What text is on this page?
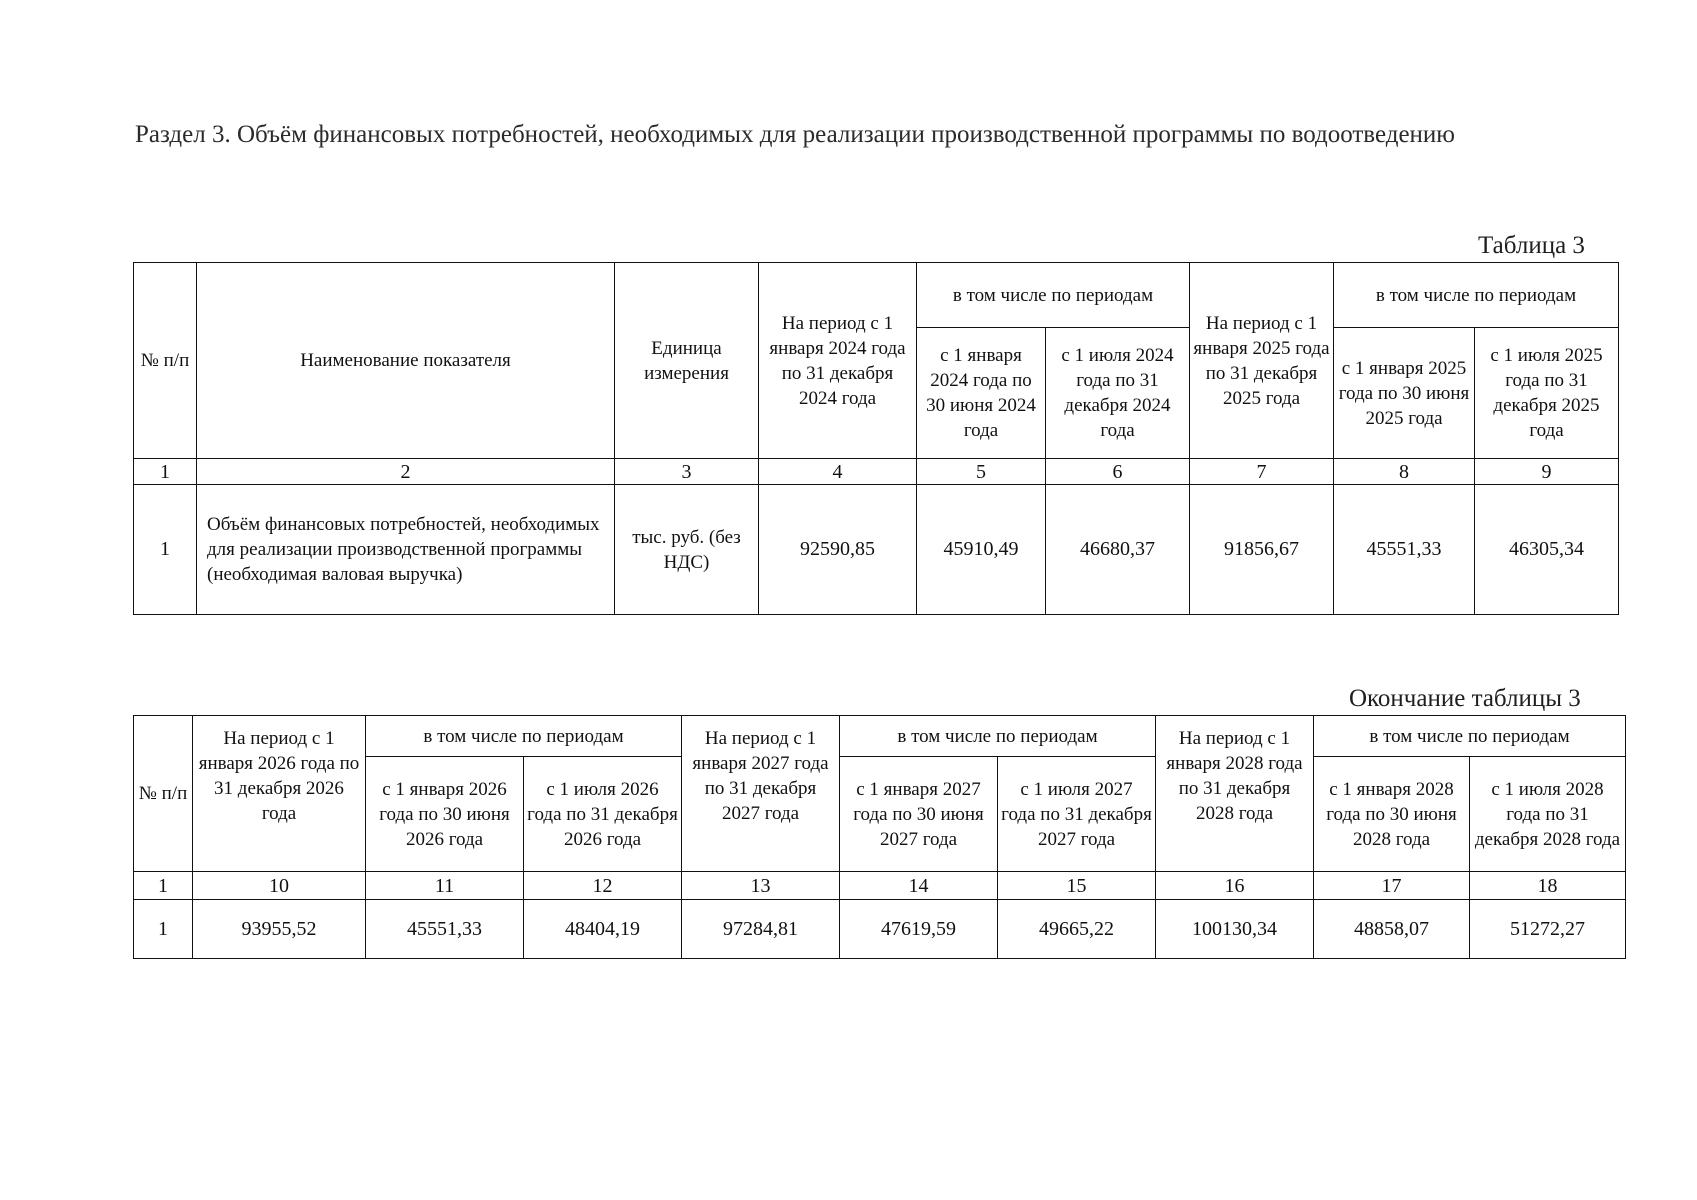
Раздел 3. Объём финансовых потребностей, необходимых для реализации производственной программы по водоотведению
Таблица 3
№ п/п	Наименование показателя	Единица измерения	На период с 1 января 2024 года по 31 декабря 2024 года	в том числе по периодам		На период с 1 января 2025 года по 31 декабря 2025 года	в том числе по периодам	
				с 1 января 2024 года по 30 июня 2024 года	с 1 июля 2024 года по 31 декабря 2024 года		с 1 января 2025 года по 30 июня 2025 года	с 1 июля 2025 года по 31 декабря 2025 года
1	2	3	4	5	6	7	8	9
1	Объём финансовых потребностей, необходимых для реализации производственной программы (необходимая валовая выручка)	тыс. руб. (без НДС)	92590,85	45910,49	46680,37	91856,67	45551,33	46305,34
Окончание таблицы 3
№ п/п	На период с 1 января 2026 года по 31 декабря 2026 года	в том числе по периодам		На период с 1 января 2027 года по 31 декабря 2027 года	в том числе по периодам		На период с 1 января 2028 года по 31 декабря 2028 года	в том числе по периодам	
		с 1 января 2026 года по 30 июня 2026 года	с 1 июля 2026 года по 31 декабря 2026 года		с 1 января 2027 года по 30 июня 2027 года	с 1 июля 2027 года по 31 декабря 2027 года		с 1 января 2028 года по 30 июня 2028 года	с 1 июля 2028 года по 31 декабря 2028 года
1	10	11	12	13	14	15	16	17	18
1	93955,52	45551,33	48404,19	97284,81	47619,59	49665,22	100130,34	48858,07	51272,27
